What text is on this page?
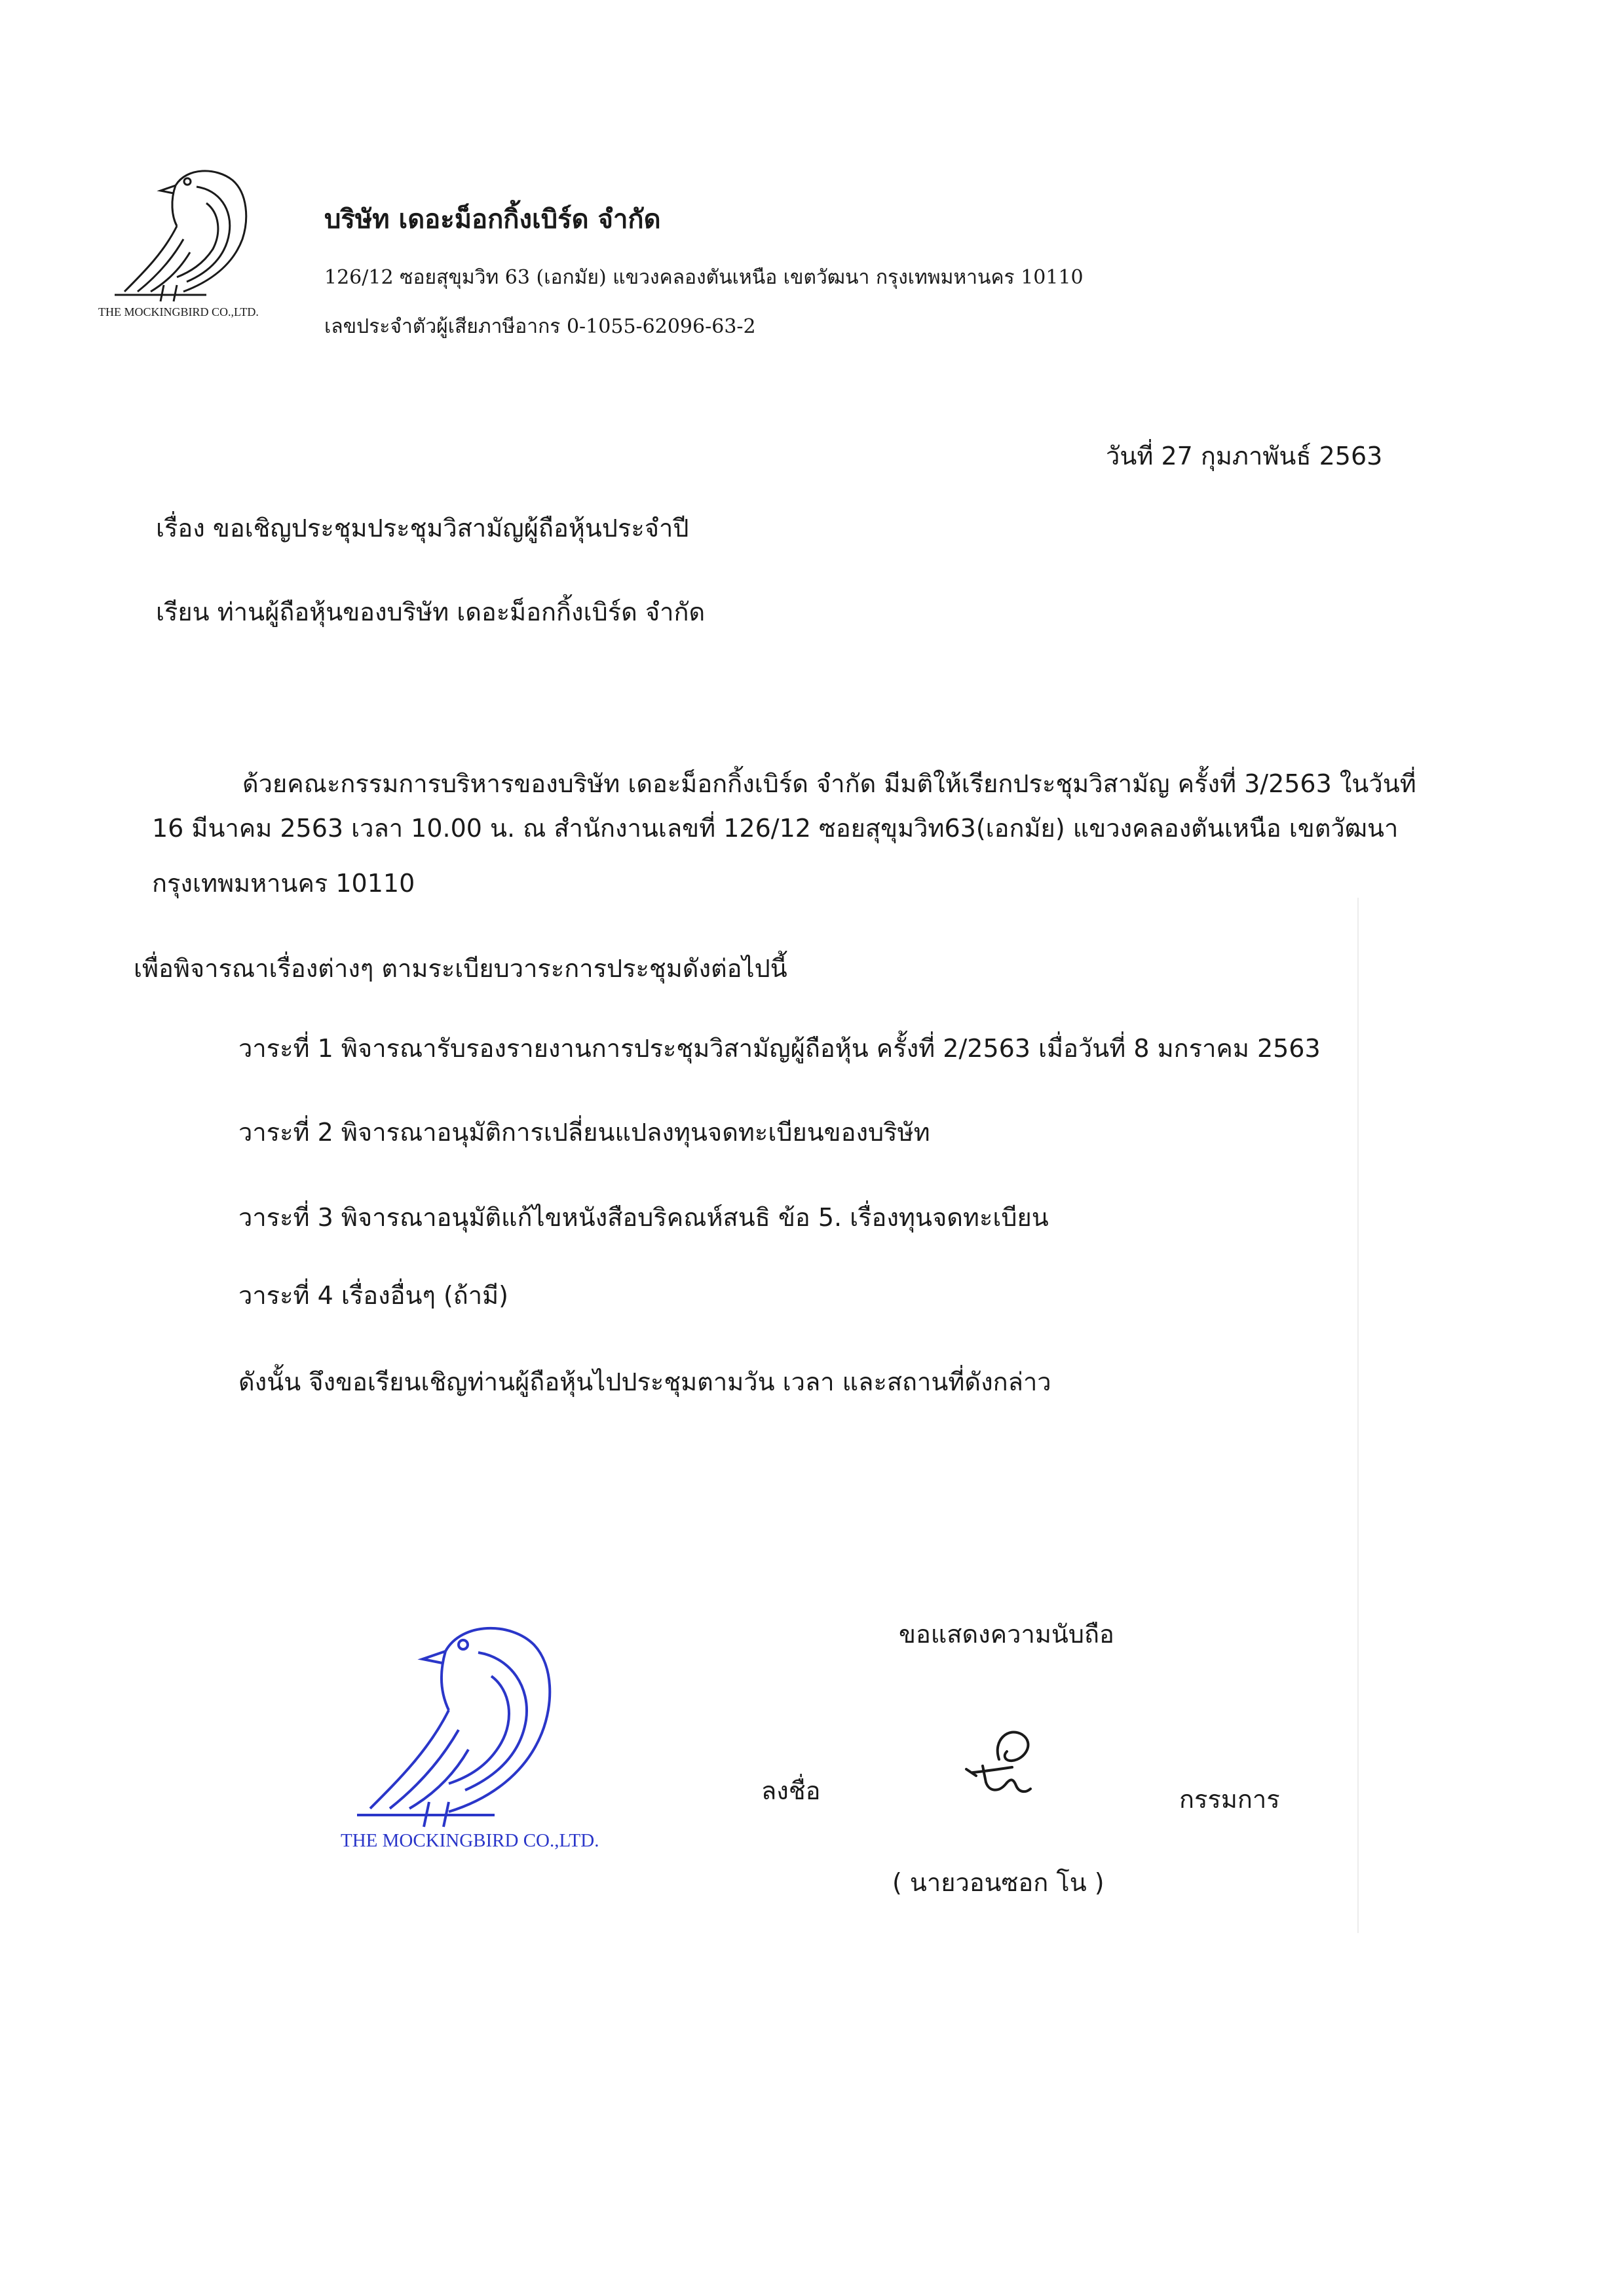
THE MOCKINGBIRD CO.,LTD.
บริษัท เดอะม็อกกิ้งเบิร์ด จำกัด
126/12 ซอยสุขุมวิท 63 (เอกมัย) แขวงคลองตันเหนือ เขตวัฒนา กรุงเทพมหานคร 10110
เลขประจำตัวผู้เสียภาษีอากร 0-1055-62096-63-2
วันที่ 27 กุมภาพันธ์ 2563
เรื่อง ขอเชิญประชุมประชุมวิสามัญผู้ถือหุ้นประจำปี
เรียน ท่านผู้ถือหุ้นของบริษัท เดอะม็อกกิ้งเบิร์ด จำกัด
ด้วยคณะกรรมการบริหารของบริษัท เดอะม็อกกิ้งเบิร์ด จำกัด มีมติให้เรียกประชุมวิสามัญ ครั้งที่ 3/2563 ในวันที่
16 มีนาคม 2563 เวลา 10.00 น. ณ สำนักงานเลขที่ 126/12 ซอยสุขุมวิท63(เอกมัย) แขวงคลองตันเหนือ เขตวัฒนา
กรุงเทพมหานคร 10110
เพื่อพิจารณาเรื่องต่างๆ ตามระเบียบวาระการประชุมดังต่อไปนี้
วาระที่ 1 พิจารณารับรองรายงานการประชุมวิสามัญผู้ถือหุ้น ครั้งที่ 2/2563 เมื่อวันที่ 8 มกราคม 2563
วาระที่ 2 พิจารณาอนุมัติการเปลี่ยนแปลงทุนจดทะเบียนของบริษัท
วาระที่ 3 พิจารณาอนุมัติแก้ไขหนังสือบริคณห์สนธิ ข้อ 5. เรื่องทุนจดทะเบียน
วาระที่ 4 เรื่องอื่นๆ (ถ้ามี)
ดังนั้น จึงขอเรียนเชิญท่านผู้ถือหุ้นไปประชุมตามวัน เวลา และสถานที่ดังกล่าว
ขอแสดงความนับถือ
THE MOCKINGBIRD CO.,LTD.
ลงชื่อ	กรรมการ
( นายวอนซอก โน )
